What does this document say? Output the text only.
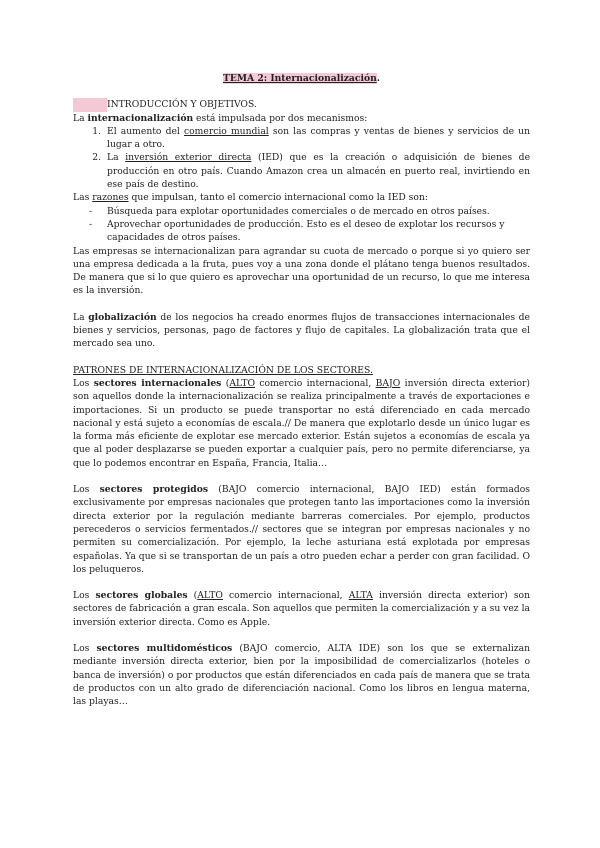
TEMA 2: Internacionalización.

INTRODUCCIÓN Y OBJETIVOS.

La internacionalización está impulsada por dos mecanismos:

1. El aumento del comercio mundial son las compras y ventas de bienes y servicios de un lugar a otro.
2. La inversión exterior directa (IED) que es la creación o adquisición de bienes de producción en otro país. Cuando Amazon crea un almacén en puerto real, invirtiendo en ese país de destino.

Las razones que impulsan, tanto el comercio internacional como la IED son:

-	Búsqueda para explotar oportunidades comerciales o de mercado en otros países.
-	Aprovechar oportunidades de producción. Esto es el deseo de explotar los recursos y capacidades de otros países.

Las empresas se internacionalizan para agrandar su cuota de mercado o porque si yo quiero ser una empresa dedicada a la fruta, pues voy a una zona donde el plátano tenga buenos resultados. De manera que si lo que quiero es aprovechar una oportunidad de un recurso, lo que me interesa es la inversión.

La globalización de los negocios ha creado enormes flujos de transacciones internacionales de bienes y servicios, personas, pago de factores y flujo de capitales. La globalización trata que el mercado sea uno.

PATRONES DE INTERNACIONALIZACIÓN DE LOS SECTORES.

Los sectores internacionales (ALTO comercio internacional, BAJO inversión directa exterior) son aquellos donde la internacionalización se realiza principalmente a través de exportaciones e importaciones. Si un producto se puede transportar no está diferenciado en cada mercado nacional y está sujeto a economías de escala.// De manera que explotarlo desde un único lugar es la forma más eficiente de explotar ese mercado exterior. Están sujetos a economías de escala ya que al poder desplazarse se pueden exportar a cualquier país, pero no permite diferenciarse, ya que lo podemos encontrar en España, Francia, Italia…

Los sectores protegidos (BAJO comercio internacional, BAJO IED) están formados exclusivamente por empresas nacionales que protegen tanto las importaciones como la inversión directa exterior por la regulación mediante barreras comerciales. Por ejemplo, productos perecederos o servicios fermentados.// sectores que se integran por empresas nacionales y no permiten su comercialización. Por ejemplo, la leche asturiana está explotada por empresas españolas. Ya que si se transportan de un país a otro pueden echar a perder con gran facilidad. O los peluqueros.

Los sectores globales (ALTO comercio internacional, ALTA inversión directa exterior) son sectores de fabricación a gran escala. Son aquellos que permiten la comercialización y a su vez la inversión exterior directa. Como es Apple.

Los sectores multidomésticos (BAJO comercio, ALTA IDE) son los que se externalizan mediante inversión directa exterior, bien por la imposibilidad de comercializarlos (hoteles o banca de inversión) o por productos que están diferenciados en cada país de manera que se trata de productos con un alto grado de diferenciación nacional. Como los libros en lengua materna, las playas…
